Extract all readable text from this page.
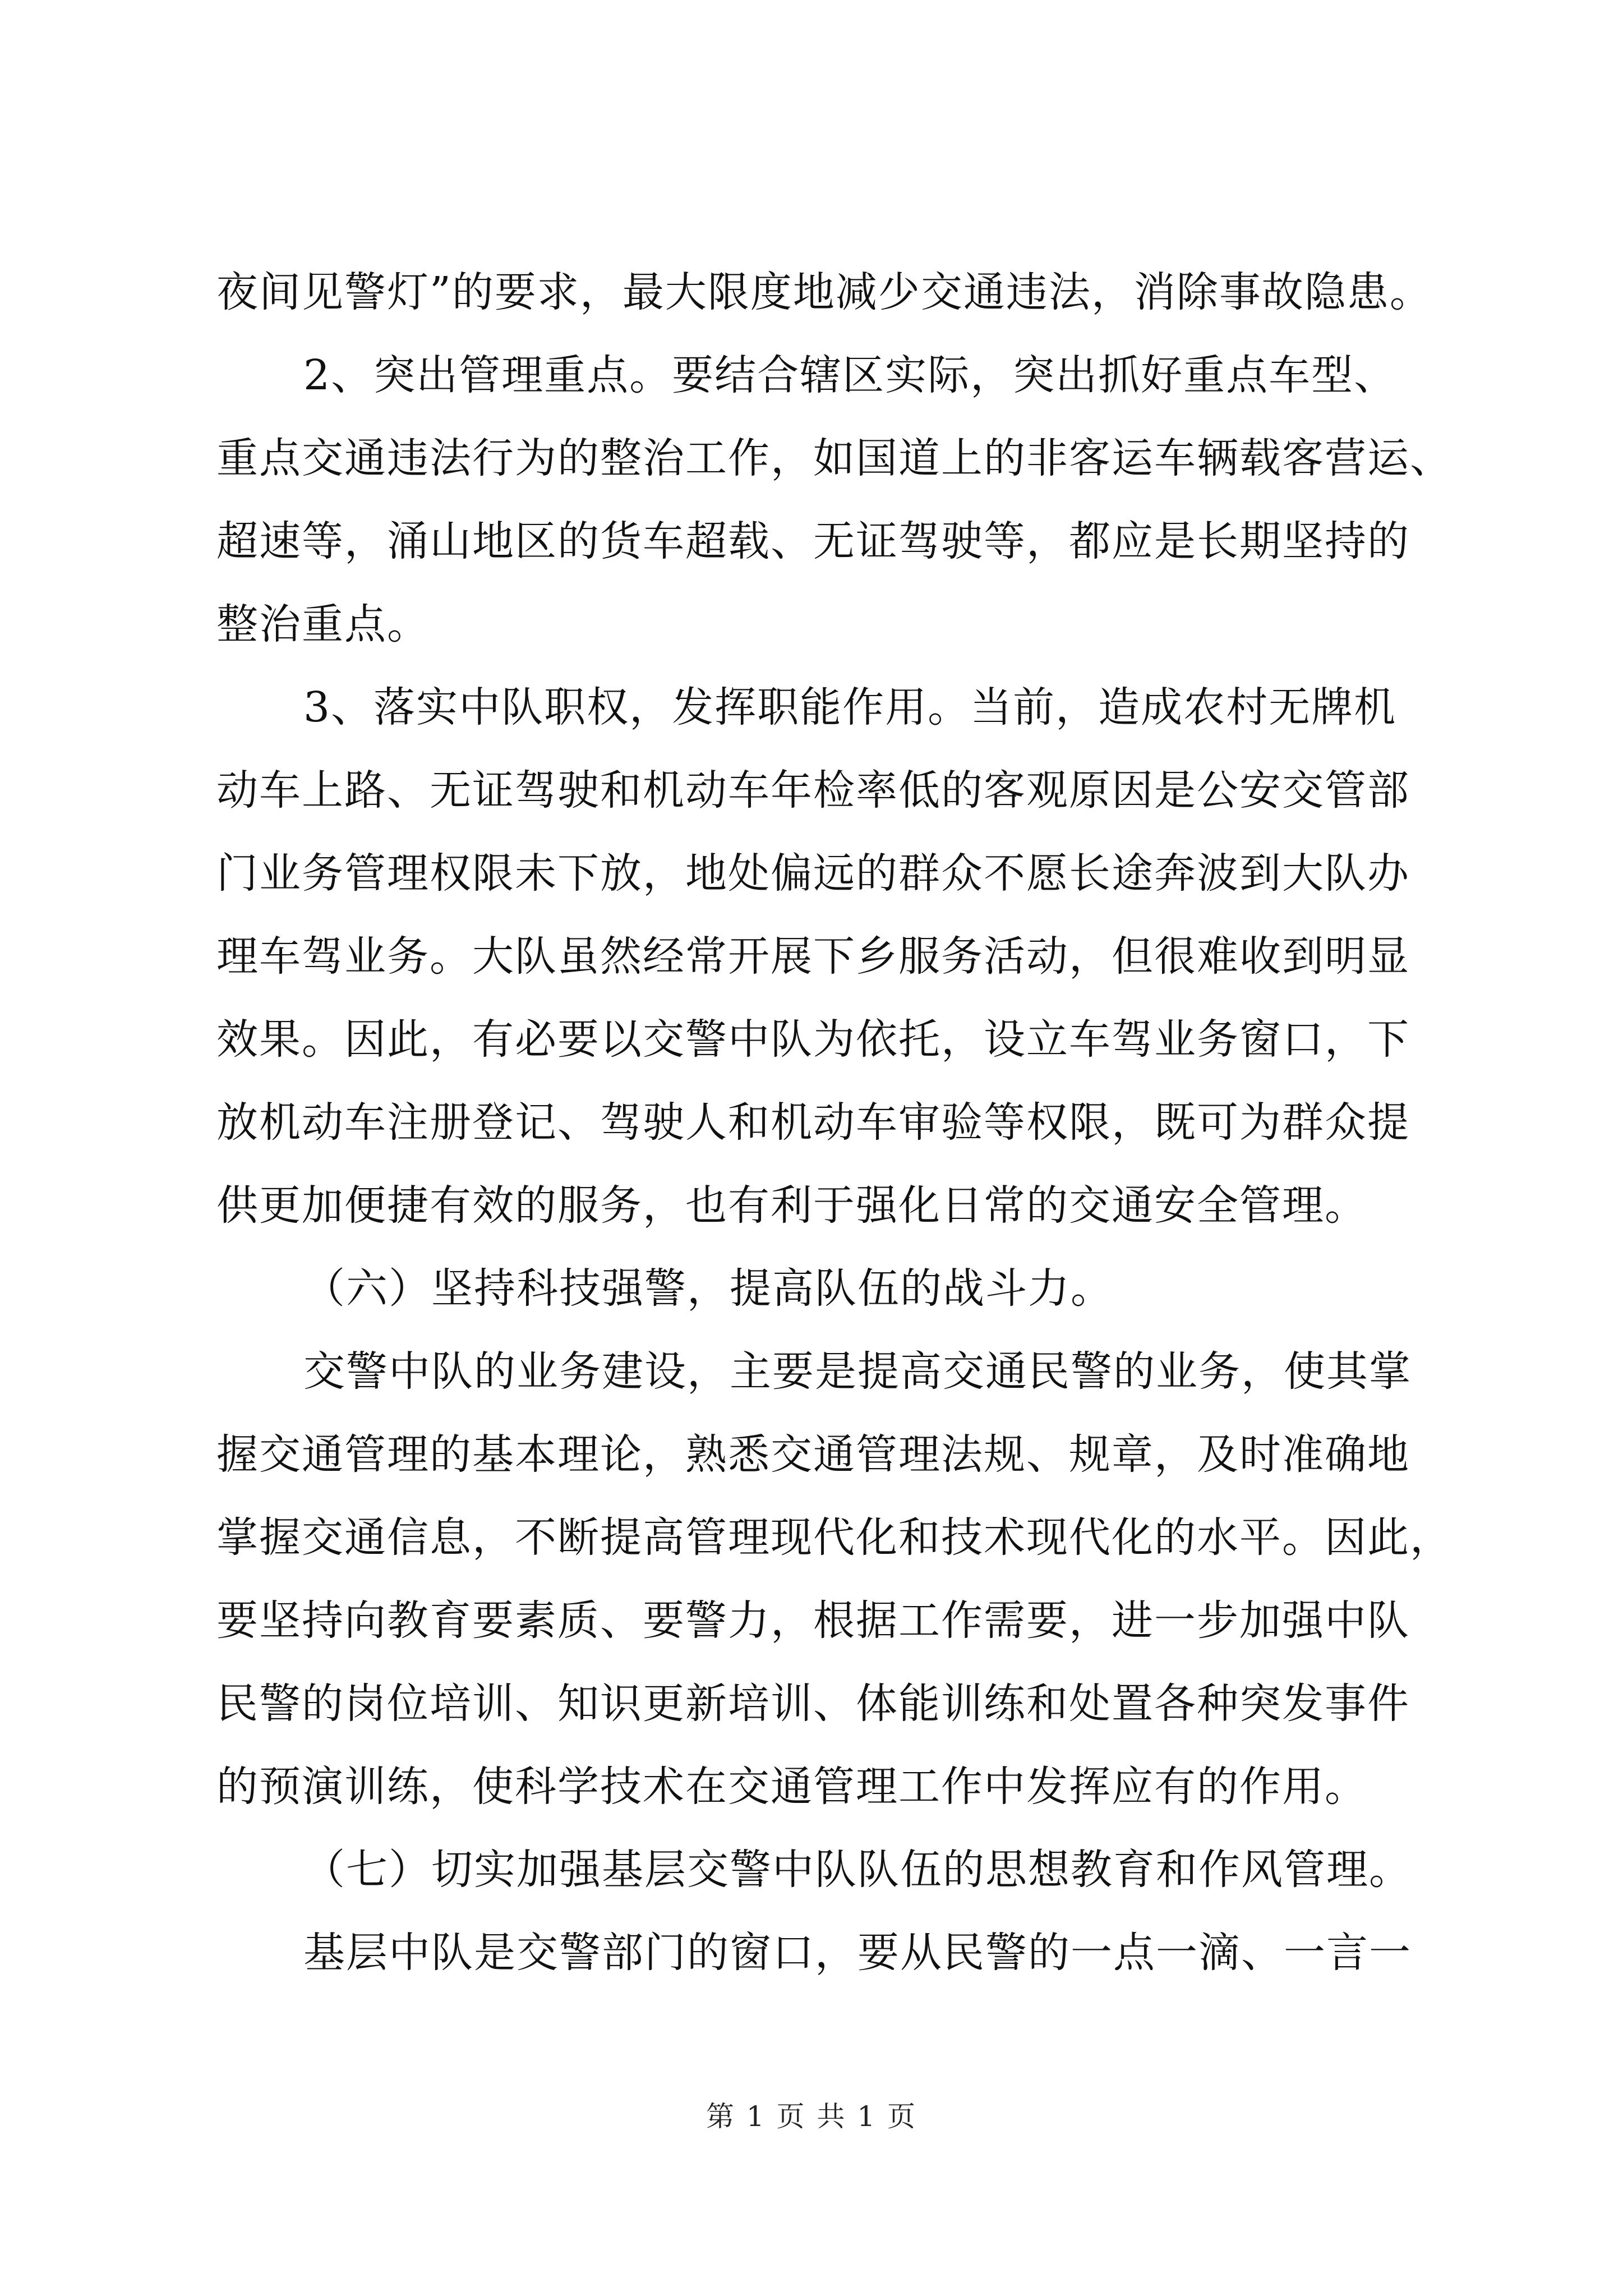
夜间见警灯”的要求，最大限度地减少交通违法，消除事故隐患。
2、突出管理重点。要结合辖区实际，突出抓好重点车型、
重点交通违法行为的整治工作，如国道上的非客运车辆载客营运、
超速等，涌山地区的货车超载、无证驾驶等，都应是长期坚持的
整治重点。
3、落实中队职权，发挥职能作用。当前，造成农村无牌机
动车上路、无证驾驶和机动车年检率低的客观原因是公安交管部
门业务管理权限未下放，地处偏远的群众不愿长途奔波到大队办
理车驾业务。大队虽然经常开展下乡服务活动，但很难收到明显
效果。因此，有必要以交警中队为依托，设立车驾业务窗口，下
放机动车注册登记、驾驶人和机动车审验等权限，既可为群众提
供更加便捷有效的服务，也有利于强化日常的交通安全管理。
（六）坚持科技强警，提高队伍的战斗力。
交警中队的业务建设，主要是提高交通民警的业务，使其掌
握交通管理的基本理论，熟悉交通管理法规、规章，及时准确地
掌握交通信息，不断提高管理现代化和技术现代化的水平。因此，
要坚持向教育要素质、要警力，根据工作需要，进一步加强中队
民警的岗位培训、知识更新培训、体能训练和处置各种突发事件
的预演训练，使科学技术在交通管理工作中发挥应有的作用。
（七）切实加强基层交警中队队伍的思想教育和作风管理。
基层中队是交警部门的窗口，要从民警的一点一滴、一言一
第 1 页 共 1 页
